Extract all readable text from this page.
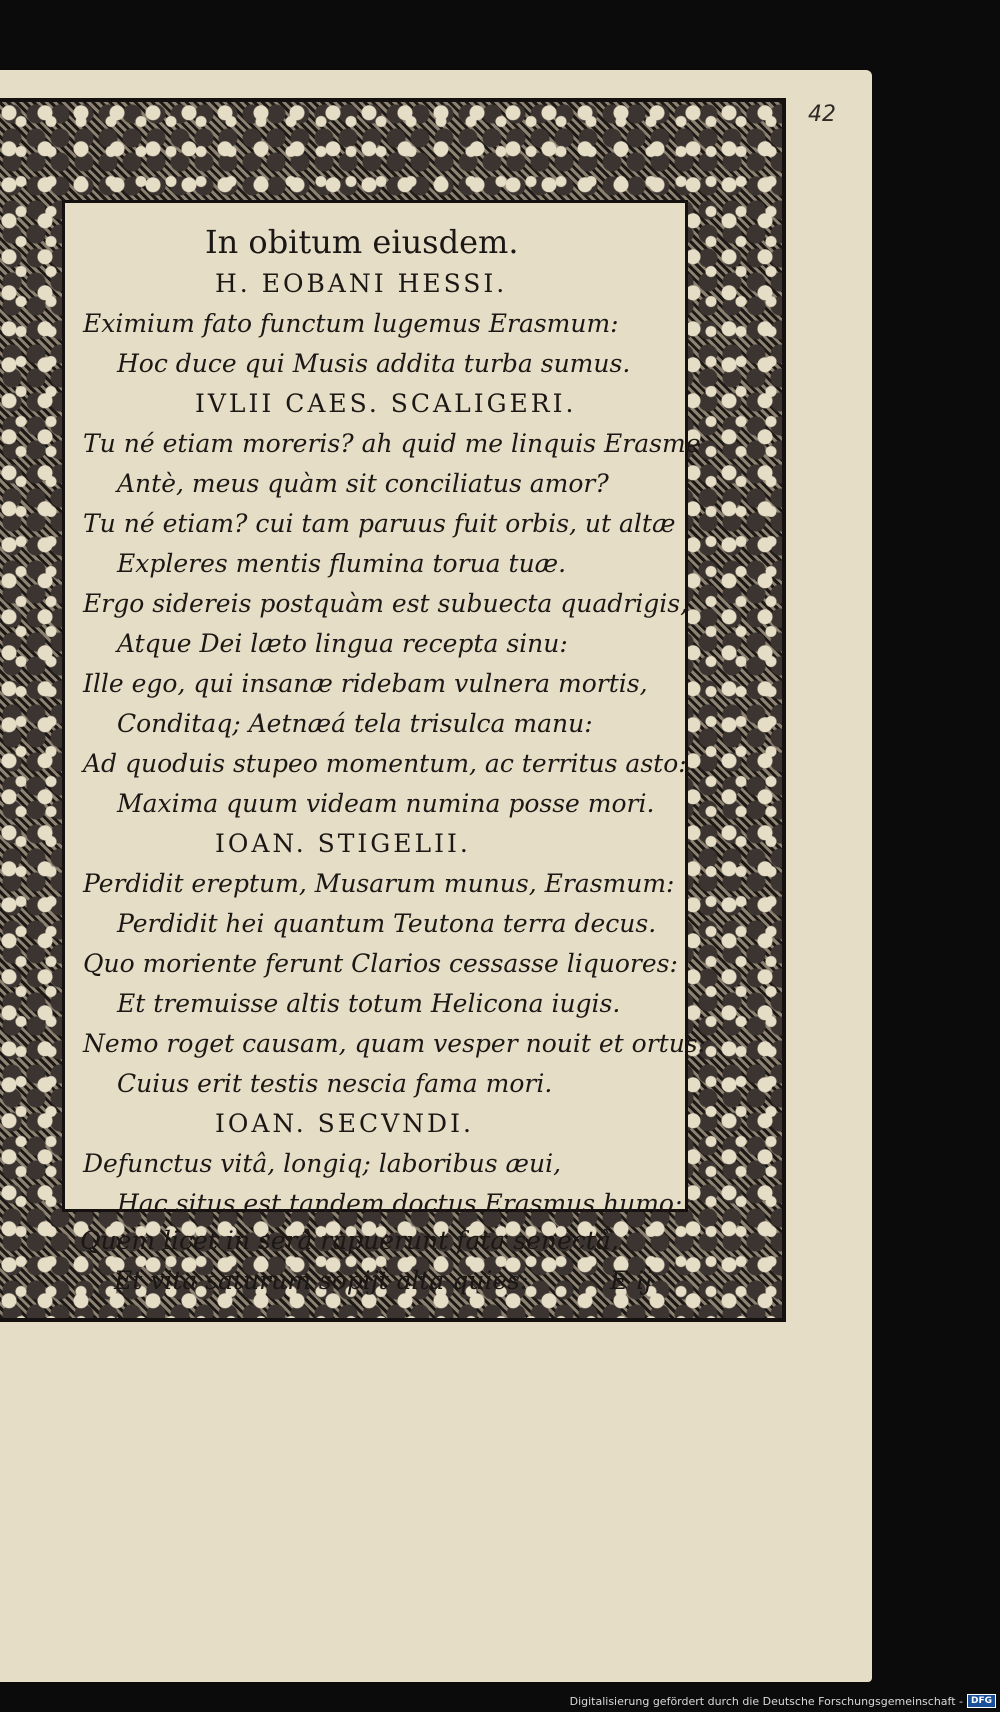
42
In obitum eiusdem.
H. EOBANI HESSI.
Eximium fato functum lugemus Erasmum:
Hoc duce qui Musis addita turba sumus.
IVLII CAES. SCALIGERI.
Tu né etiam moreris? ah quid me linquis Erasme
Antè, meus quàm sit conciliatus amor?
Tu né etiam? cui tam paruus fuit orbis, ut altæ
Expleres mentis flumina torua tuæ.
Ergo sidereis postquàm est subuecta quadrigis,
Atque Dei læto lingua recepta sinu:
Ille ego, qui insanæ ridebam vulnera mortis,
Conditaq; Aetnæá tela trisulca manu:
Ad quoduis stupeo momentum, ac territus asto:
Maxima quum videam numina posse mori.
IOAN. STIGELII.
Perdidit ereptum, Musarum munus, Erasmum:
Perdidit hei quantum Teutona terra decus.
Quo moriente ferunt Clarios cessasse liquores:
Et tremuisse altis totum Helicona iugis.
Nemo roget causam, quam vesper nouit et ortus:
Cuius erit testis nescia fama mori.
IOAN. SECVNDI.
Defunctus vitâ, longiq; laboribus æui,
Hac situs est tandem doctus Erasmus humo:
Quem licet in serâ rapuerunt fata senectâ,
Et vita saturum sopijt alta quies:	E ij
Digitalisierung gefördert durch die Deutsche Forschungsgemeinschaft - DFG
